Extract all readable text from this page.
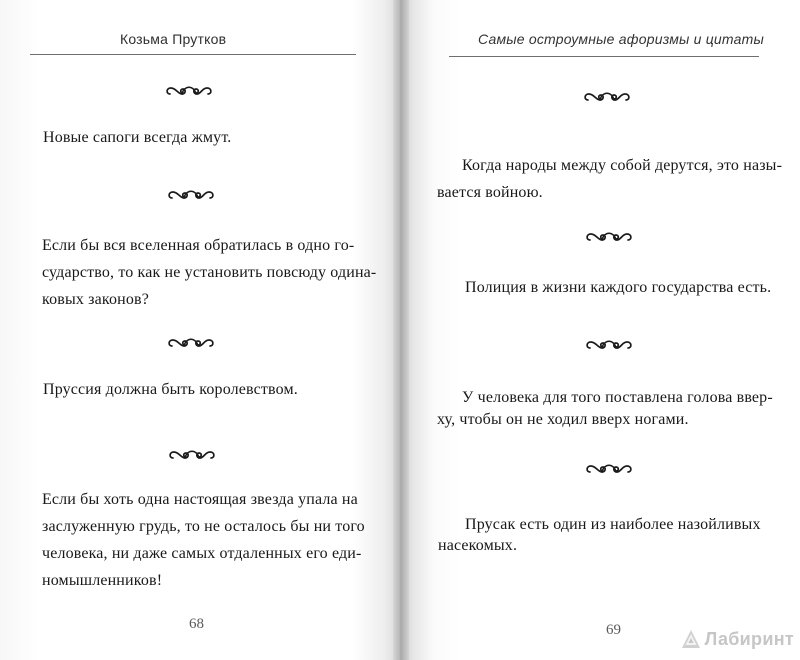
Козьма Прутков
Новые сапоги всегда жмут.
Если бы вся вселенная обратилась в одно го-
сударство, то как не установить повсюду одина-
ковых законов?
Пруссия должна быть королевством.
Если бы хоть одна настоящая звезда упала на
заслуженную грудь, то не осталось бы ни того
человека, ни даже самых отдаленных его еди-
номышленников!
68
Самые остроумные афоризмы и цитаты
Когда народы между собой дерутся, это назы-
вается войною.
Полиция в жизни каждого государства есть.
У человека для того поставлена голова ввер-
ху, чтобы он не ходил вверх ногами.
Прусак есть один из наиболее назойливых
насекомых.
69	Лабиринт
